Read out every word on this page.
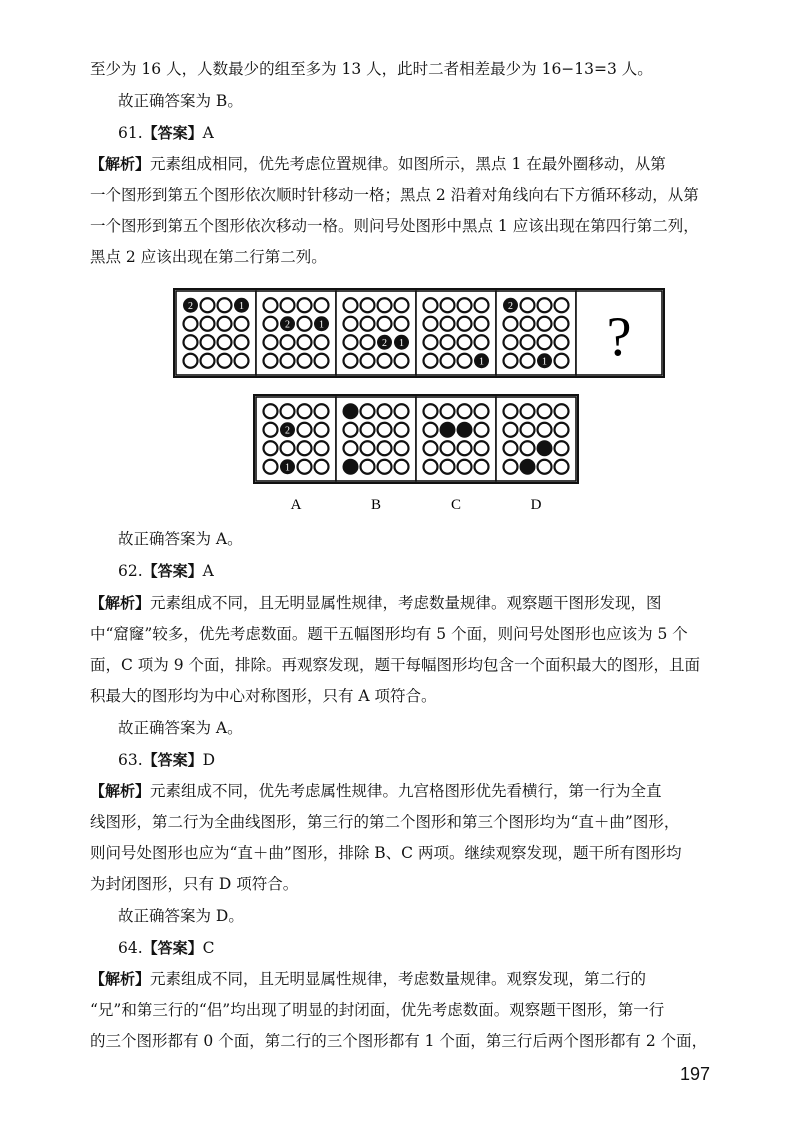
至少为 16 人，人数最少的组至多为 13 人，此时二者相差最少为 16−13=3 人。
故正确答案为 B。
61.【答案】A
【解析】元素组成相同，优先考虑位置规律。如图所示，黑点 1 在最外圈移动，从第
一个图形到第五个图形依次顺时针移动一格；黑点 2 沿着对角线向右下方循环移动，从第
一个图形到第五个图形依次移动一格。则问号处图形中黑点 1 应该出现在第四行第二列，
黑点 2 应该出现在第二行第二列。
2	1
2	1
2 1
1
2
1 ?
2
1
A	B	C	D
故正确答案为 A。
62.【答案】A
【解析】元素组成不同，且无明显属性规律，考虑数量规律。观察题干图形发现，图
中“窟窿”较多，优先考虑数面。题干五幅图形均有 5 个面，则问号处图形也应该为 5 个
面，C 项为 9 个面，排除。再观察发现，题干每幅图形均包含一个面积最大的图形，且面
积最大的图形均为中心对称图形，只有 A 项符合。
故正确答案为 A。
63.【答案】D
【解析】元素组成不同，优先考虑属性规律。九宫格图形优先看横行，第一行为全直
线图形，第二行为全曲线图形，第三行的第二个图形和第三个图形均为“直＋曲”图形，
则问号处图形也应为“直＋曲”图形，排除 B、C 两项。继续观察发现，题干所有图形均
为封闭图形，只有 D 项符合。
故正确答案为 D。
64.【答案】C
【解析】元素组成不同，且无明显属性规律，考虑数量规律。观察发现，第二行的
“兄”和第三行的“侣”均出现了明显的封闭面，优先考虑数面。观察题干图形，第一行
的三个图形都有 0 个面，第二行的三个图形都有 1 个面，第三行后两个图形都有 2 个面，
197
